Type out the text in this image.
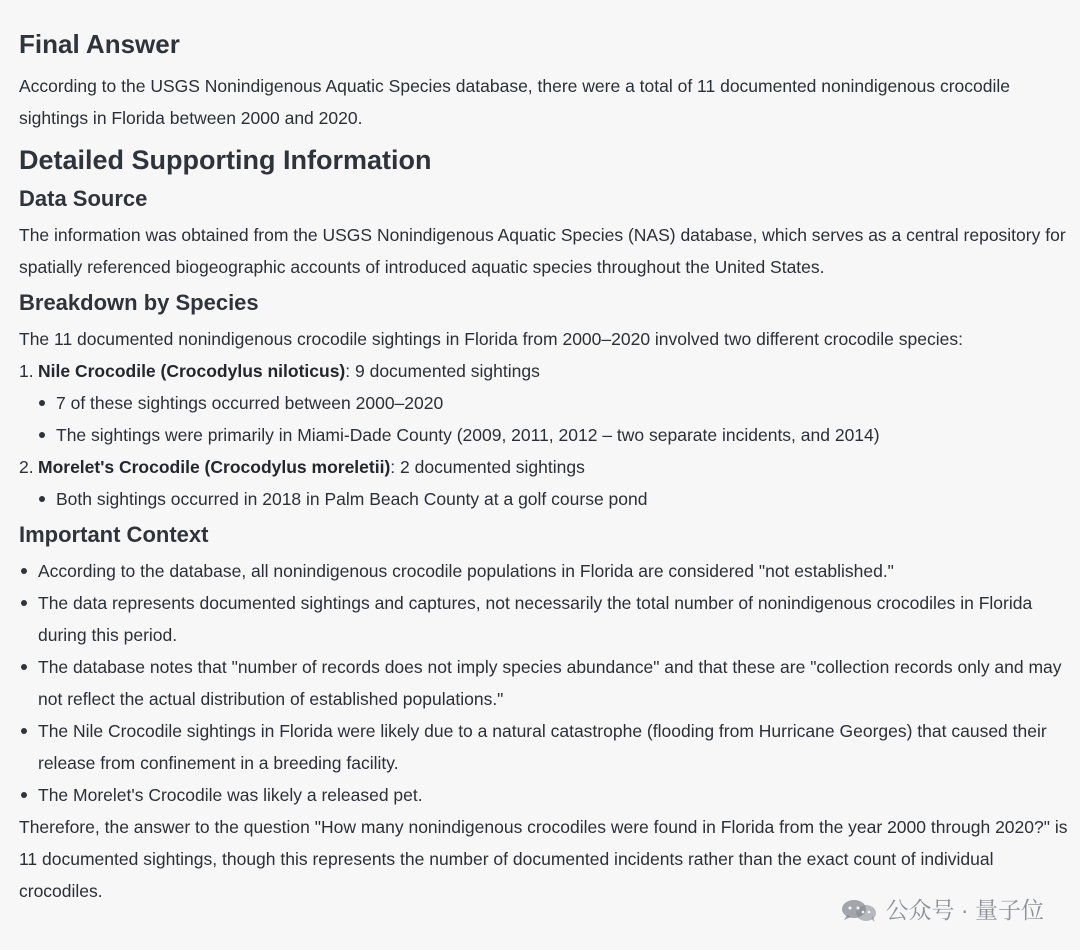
Final Answer

According to the USGS Nonindigenous Aquatic Species database, there were a total of 11 documented nonindigenous crocodile sightings in Florida between 2000 and 2020.

Detailed Supporting Information
Data Source

The information was obtained from the USGS Nonindigenous Aquatic Species (NAS) database, which serves as a central repository for spatially referenced biogeographic accounts of introduced aquatic species throughout the United States.

Breakdown by Species

The 11 documented nonindigenous crocodile sightings in Florida from 2000–2020 involved two different crocodile species:

1. Nile Crocodile (Crocodylus niloticus): 9 documented sightings
7 of these sightings occurred between 2000–2020
The sightings were primarily in Miami-Dade County (2009, 2011, 2012 – two separate incidents, and 2014)
2. Morelet's Crocodile (Crocodylus moreletii): 2 documented sightings
Both sightings occurred in 2018 in Palm Beach County at a golf course pond
Important Context
According to the database, all nonindigenous crocodile populations in Florida are considered "not established."
The data represents documented sightings and captures, not necessarily the total number of nonindigenous crocodiles in Florida during this period.
The database notes that "number of records does not imply species abundance" and that these are "collection records only and may not reflect the actual distribution of established populations."
The Nile Crocodile sightings in Florida were likely due to a natural catastrophe (flooding from Hurricane Georges) that caused their release from confinement in a breeding facility.
The Morelet's Crocodile was likely a released pet.

Therefore, the answer to the question "How many nonindigenous crocodiles were found in Florida from the year 2000 through 2020?" is 11 documented sightings, though this represents the number of documented incidents rather than the exact count of individual crocodiles.

公众号 · 量子位
